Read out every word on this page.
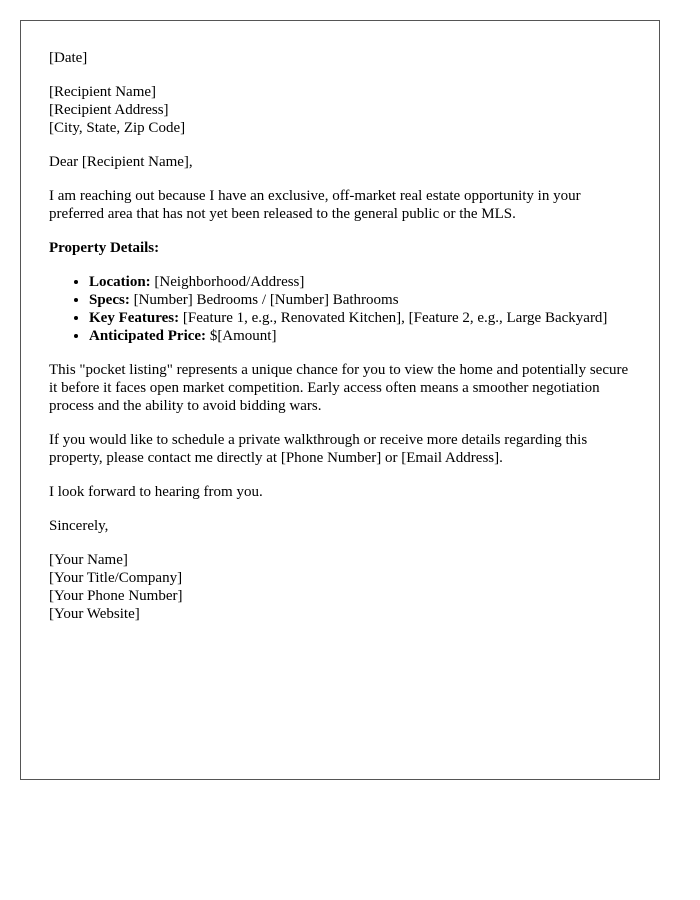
[Date]

[Recipient Name]
[Recipient Address]
[City, State, Zip Code]

Dear [Recipient Name],

I am reaching out because I have an exclusive, off-market real estate opportunity in your preferred area that has not yet been released to the general public or the MLS.

Property Details:

• Location: [Neighborhood/Address]
• Specs: [Number] Bedrooms / [Number] Bathrooms
• Key Features: [Feature 1, e.g., Renovated Kitchen], [Feature 2, e.g., Large Backyard]
• Anticipated Price: $[Amount]

This "pocket listing" represents a unique chance for you to view the home and potentially secure it before it faces open market competition. Early access often means a smoother negotiation process and the ability to avoid bidding wars.

If you would like to schedule a private walkthrough or receive more details regarding this property, please contact me directly at [Phone Number] or [Email Address].

I look forward to hearing from you.

Sincerely,

[Your Name]
[Your Title/Company]
[Your Phone Number]
[Your Website]
